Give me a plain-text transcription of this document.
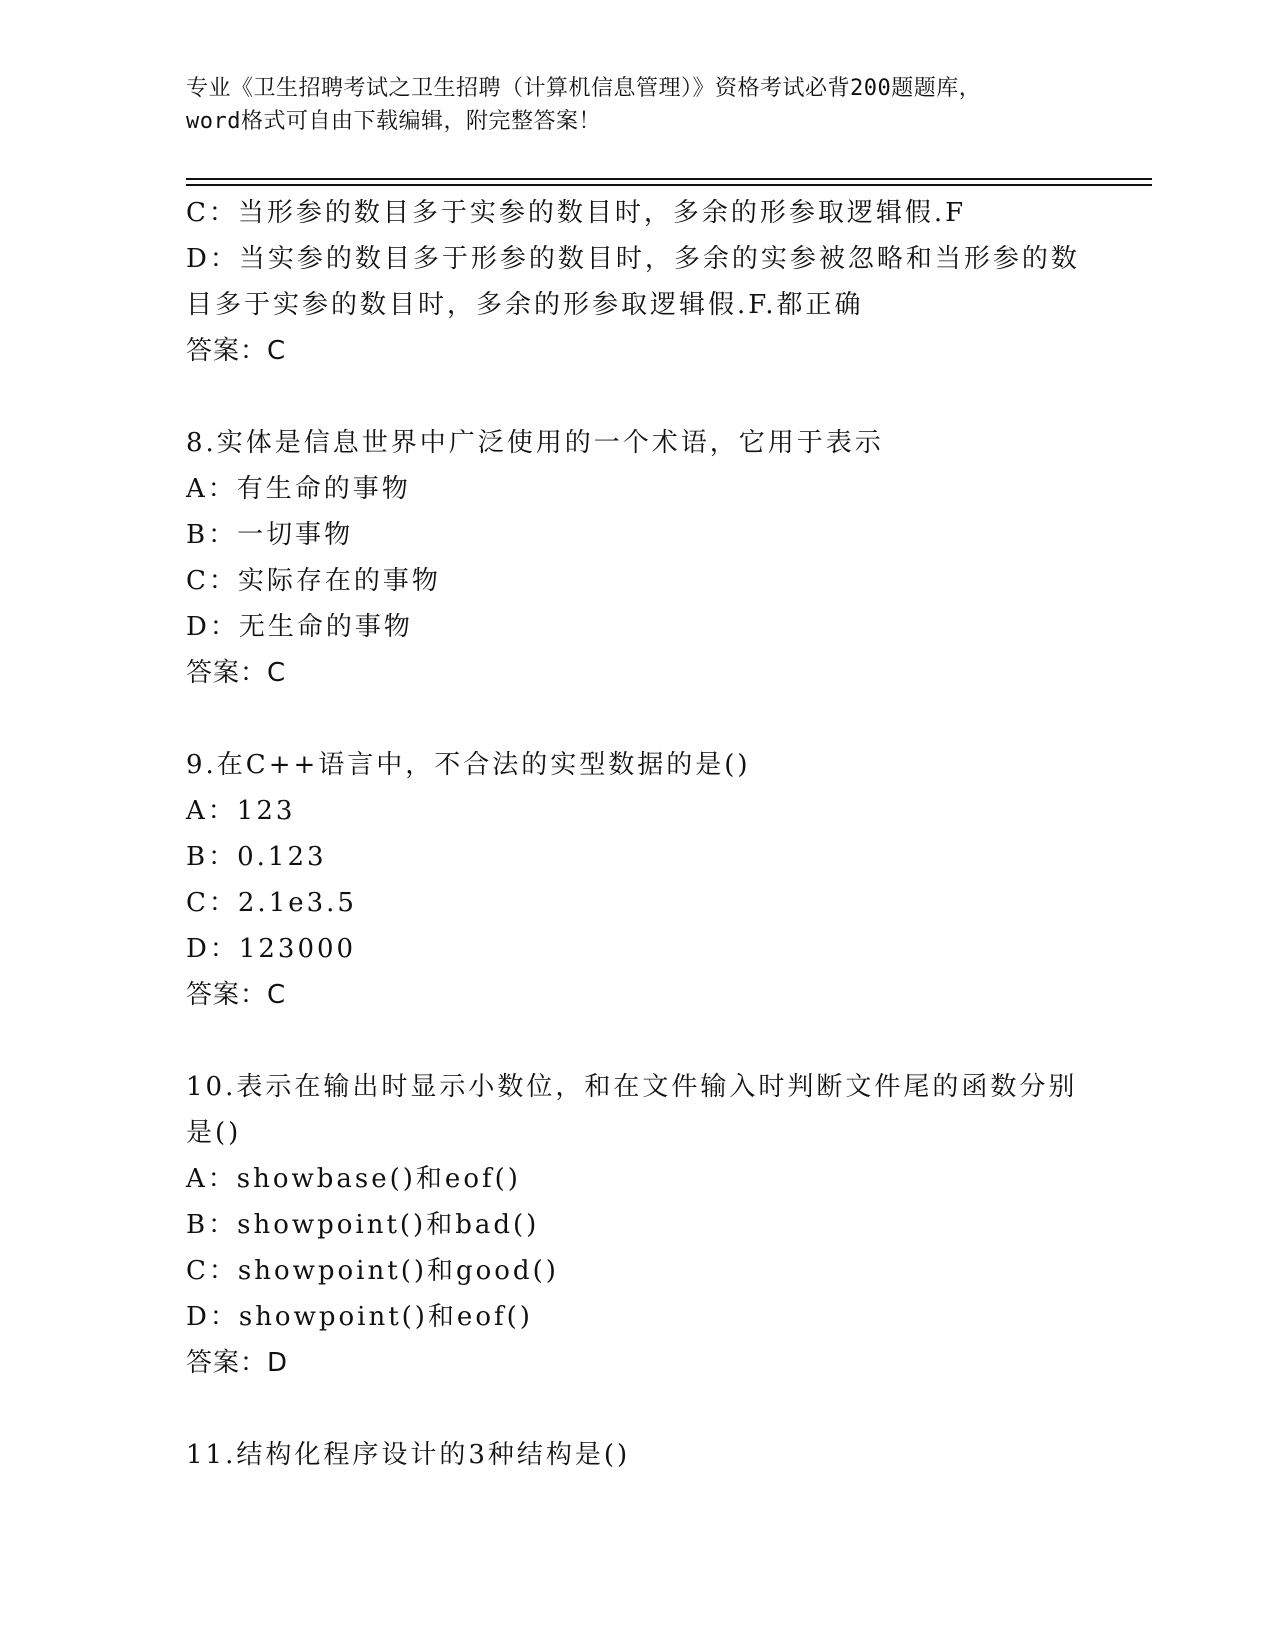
专业《卫生招聘考试之卫生招聘（计算机信息管理）》资格考试必背200题题库，
word格式可自由下载编辑，附完整答案！
C：当形参的数目多于实参的数目时，多余的形参取逻辑假.F
D：当实参的数目多于形参的数目时，多余的实参被忽略和当形参的数目多于实参的数目时，多余的形参取逻辑假.F.都正确
答案：C
8.实体是信息世界中广泛使用的一个术语，它用于表示
A：有生命的事物
B：一切事物
C：实际存在的事物
D：无生命的事物
答案：C
9.在C++语言中，不合法的实型数据的是()
A：123
B：0.123
C：2.1e3.5
D：123000
答案：C
10.表示在输出时显示小数位，和在文件输入时判断文件尾的函数分别是()
A：showbase()和eof()
B：showpoint()和bad()
C：showpoint()和good()
D：showpoint()和eof()
答案：D
11.结构化程序设计的3种结构是()
